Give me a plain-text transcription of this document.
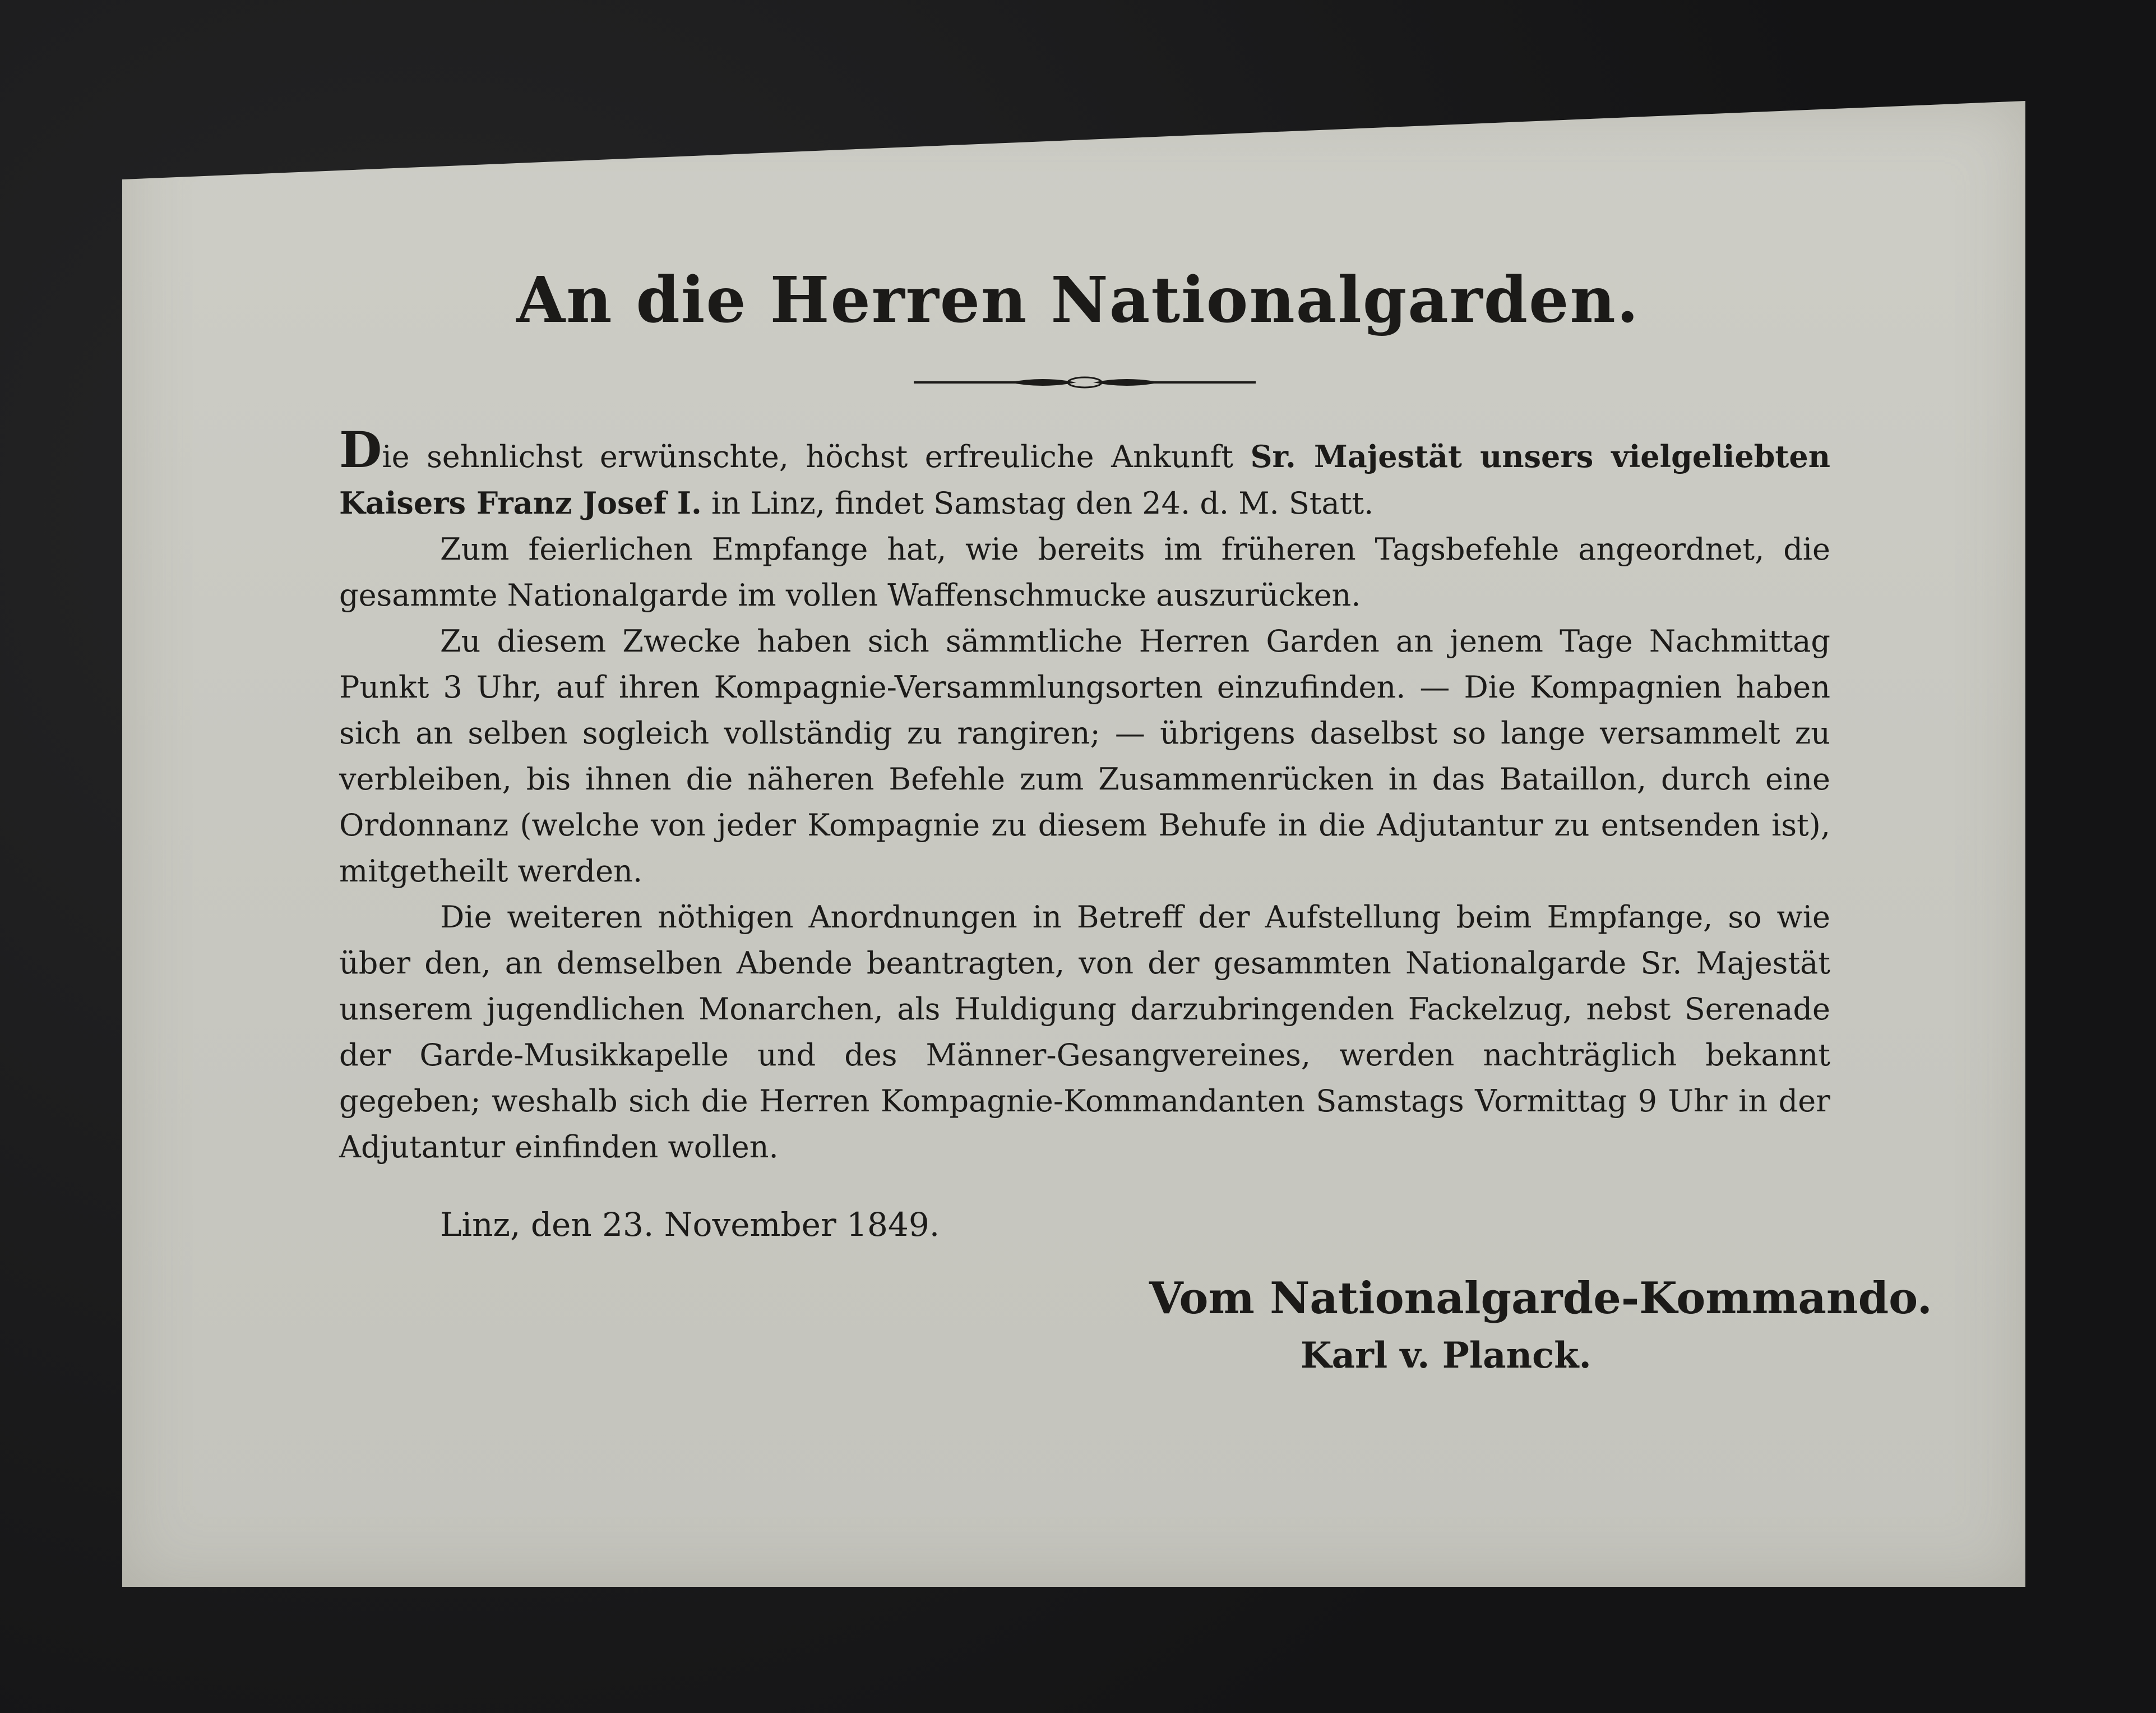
An die Herren Nationalgarden.

Die sehnlichst erwünschte, höchst erfreuliche Ankunft Sr. Majestät unsers vielgeliebten Kaisers Franz Josef I. in Linz, findet Samstag den 24. d. M. Statt.

Zum feierlichen Empfange hat, wie bereits im früheren Tagsbefehle angeordnet, die gesammte Nationalgarde im vollen Waffenschmucke auszurücken.

Zu diesem Zwecke haben sich sämmtliche Herren Garden an jenem Tage Nachmittag Punkt 3 Uhr, auf ihren Kompagnie-Versammlungsorten einzufinden. — Die Kompagnien haben sich an selben sogleich vollständig zu rangiren; — übrigens daselbst so lange versammelt zu verbleiben, bis ihnen die näheren Befehle zum Zusammenrücken in das Bataillon, durch eine Ordonnanz (welche von jeder Kompagnie zu diesem Behufe in die Adjutantur zu entsenden ist), mitgetheilt werden.

Die weiteren nöthigen Anordnungen in Betreff der Aufstellung beim Empfange, so wie über den, an demselben Abende beantragten, von der gesammten Nationalgarde Sr. Majestät unserem jugendlichen Monarchen, als Huldigung darzubringenden Fackelzug, nebst Serenade der Garde-Musikkapelle und des Männer-Gesangvereines, werden nachträglich bekannt gegeben; weshalb sich die Herren Kompagnie-Kommandanten Samstags Vormittag 9 Uhr in der Adjutantur einfinden wollen.

Linz, den 23. November 1849.
Vom Nationalgarde-Kommando.
Karl v. Planck.
